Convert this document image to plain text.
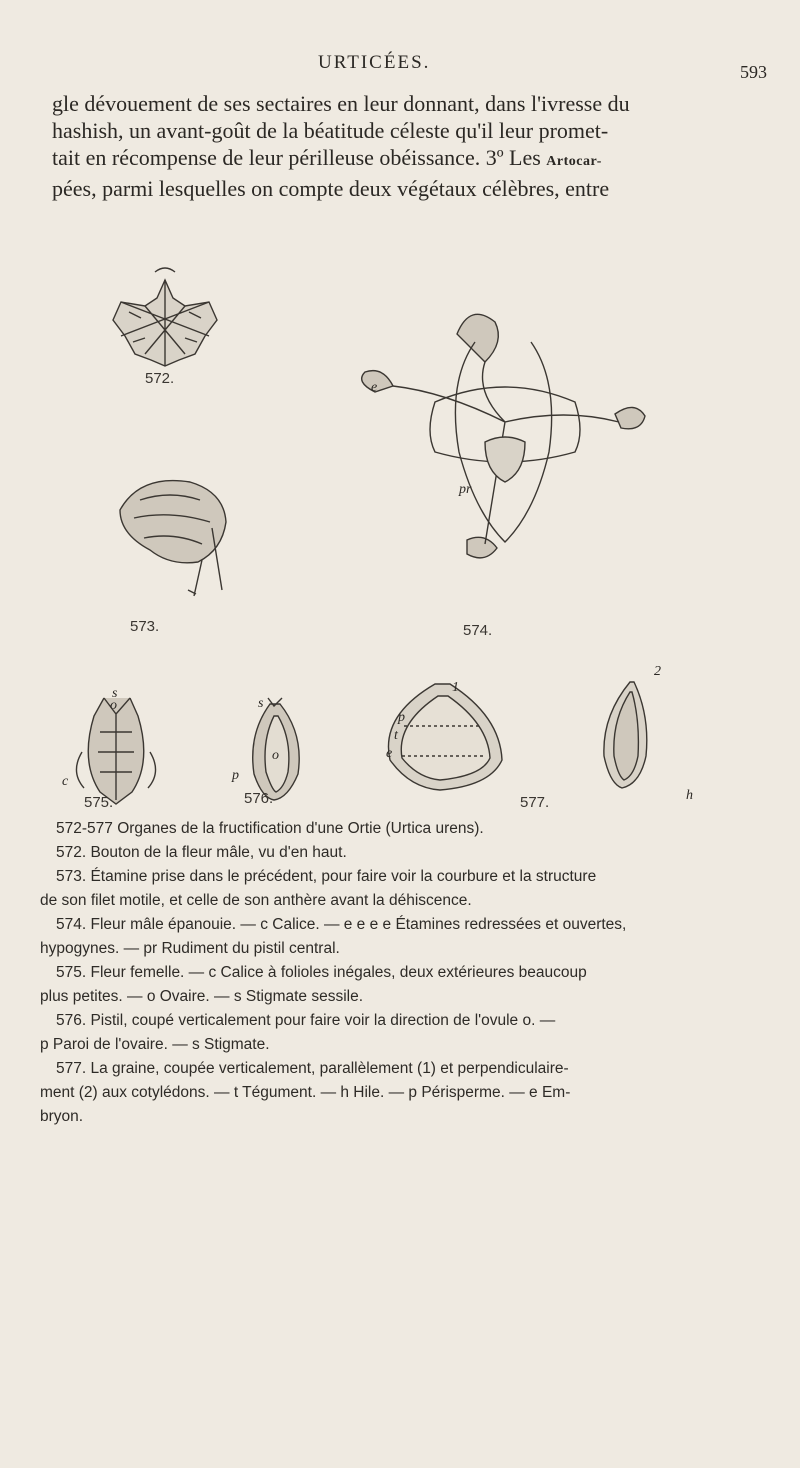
URTICÉES.	593
gle dévouement de ses sectaires en leur donnant, dans l'ivresse du
hashish, un avant-goût de la béatitude céleste qu'il leur promet-
tait en récompense de leur périlleuse obéissance. 3º Les Artocar-
pées, parmi lesquelles on compte deux végétaux célèbres, entre
572.
573.
e
pr
574.
s
o
c
575.
s
o
p
576.
1
2
p
t
e
h
577.

572-577 Organes de la fructification d'une Ortie (Urtica urens).

572. Bouton de la fleur mâle, vu d'en haut.

573. Étamine prise dans le précédent, pour faire voir la courbure et la structure

de son filet motile, et celle de son anthère avant la déhiscence.

574. Fleur mâle épanouie. — c Calice. — e e e e Étamines redressées et ouvertes,

hypogynes. — pr Rudiment du pistil central.

575. Fleur femelle. — c Calice à folioles inégales, deux extérieures beaucoup

plus petites. — o Ovaire. — s Stigmate sessile.

576. Pistil, coupé verticalement pour faire voir la direction de l'ovule o. —

p Paroi de l'ovaire. — s Stigmate.

577. La graine, coupée verticalement, parallèlement (1) et perpendiculaire-

ment (2) aux cotylédons. — t Tégument. — h Hile. — p Périsperme. — e Em-

bryon.
